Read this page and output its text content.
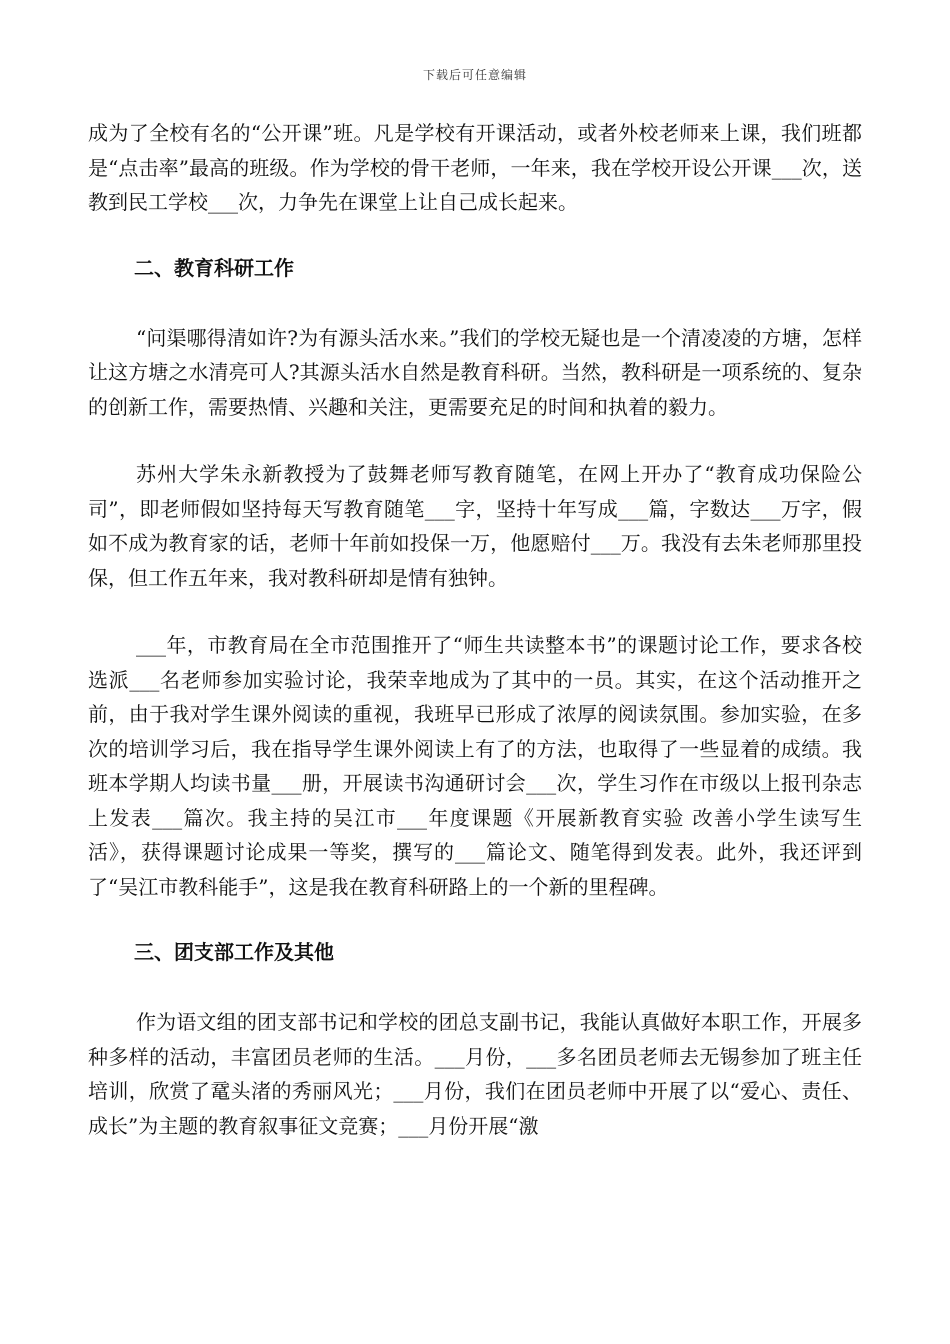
下载后可任意编辑

成为了全校有名的“公开课”班。凡是学校有开课活动，或者外校老师来上课，我们班都是“点击率”最高的班级。作为学校的骨干老师，一年来，我在学校开设公开课___次，送教到民工学校___次，力争先在课堂上让自己成长起来。

二、教育科研工作

“问渠哪得清如许?为有源头活水来。”我们的学校无疑也是一个清凌凌的方塘，怎样让这方塘之水清亮可人?其源头活水自然是教育科研。当然，教科研是一项系统的、复杂的创新工作，需要热情、兴趣和关注，更需要充足的时间和执着的毅力。

苏州大学朱永新教授为了鼓舞老师写教育随笔，在网上开办了“教育成功保险公司”，即老师假如坚持每天写教育随笔___字，坚持十年写成___篇，字数达___万字，假如不成为教育家的话，老师十年前如投保一万，他愿赔付___万。我没有去朱老师那里投保，但工作五年来，我对教科研却是情有独钟。

___年，市教育局在全市范围推开了“师生共读整本书”的课题讨论工作，要求各校选派___名老师参加实验讨论，我荣幸地成为了其中的一员。其实，在这个活动推开之前，由于我对学生课外阅读的重视，我班早已形成了浓厚的阅读氛围。参加实验，在多次的培训学习后，我在指导学生课外阅读上有了的方法，也取得了一些显着的成绩。我班本学期人均读书量___册，开展读书沟通研讨会___次，学生习作在市级以上报刊杂志上发表___篇次。我主持的吴江市___年度课题《开展新教育实验 改善小学生读写生活》，获得课题讨论成果一等奖，撰写的___篇论文、随笔得到发表。此外，我还评到了“吴江市教科能手”，这是我在教育科研路上的一个新的里程碑。

三、团支部工作及其他

作为语文组的团支部书记和学校的团总支副书记，我能认真做好本职工作，开展多种多样的活动，丰富团员老师的生活。___月份，___多名团员老师去无锡参加了班主任培训，欣赏了鼋头渚的秀丽风光；___月份，我们在团员老师中开展了以“爱心、责任、成长”为主题的教育叙事征文竞赛；___月份开展“激
